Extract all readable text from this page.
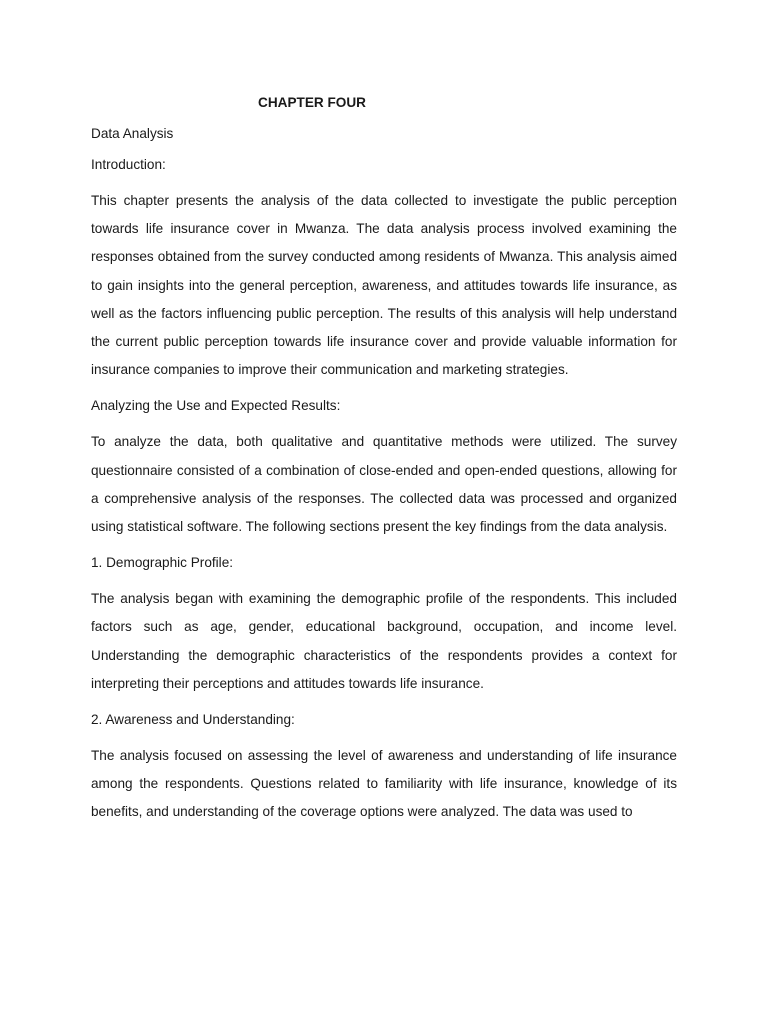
CHAPTER FOUR
Data Analysis
Introduction:

This chapter presents the analysis of the data collected to investigate the public perception towards life insurance cover in Mwanza. The data analysis process involved examining the responses obtained from the survey conducted among residents of Mwanza. This analysis aimed to gain insights into the general perception, awareness, and attitudes towards life insurance, as well as the factors influencing public perception. The results of this analysis will help understand the current public perception towards life insurance cover and provide valuable information for insurance companies to improve their communication and marketing strategies.

Analyzing the Use and Expected Results:

To analyze the data, both qualitative and quantitative methods were utilized. The survey questionnaire consisted of a combination of close-ended and open-ended questions, allowing for a comprehensive analysis of the responses. The collected data was processed and organized using statistical software. The following sections present the key findings from the data analysis.

1. Demographic Profile:

The analysis began with examining the demographic profile of the respondents. This included factors such as age, gender, educational background, occupation, and income level. Understanding the demographic characteristics of the respondents provides a context for interpreting their perceptions and attitudes towards life insurance.

2. Awareness and Understanding:

The analysis focused on assessing the level of awareness and understanding of life insurance among the respondents. Questions related to familiarity with life insurance, knowledge of its benefits, and understanding of the coverage options were analyzed. The data was used to
